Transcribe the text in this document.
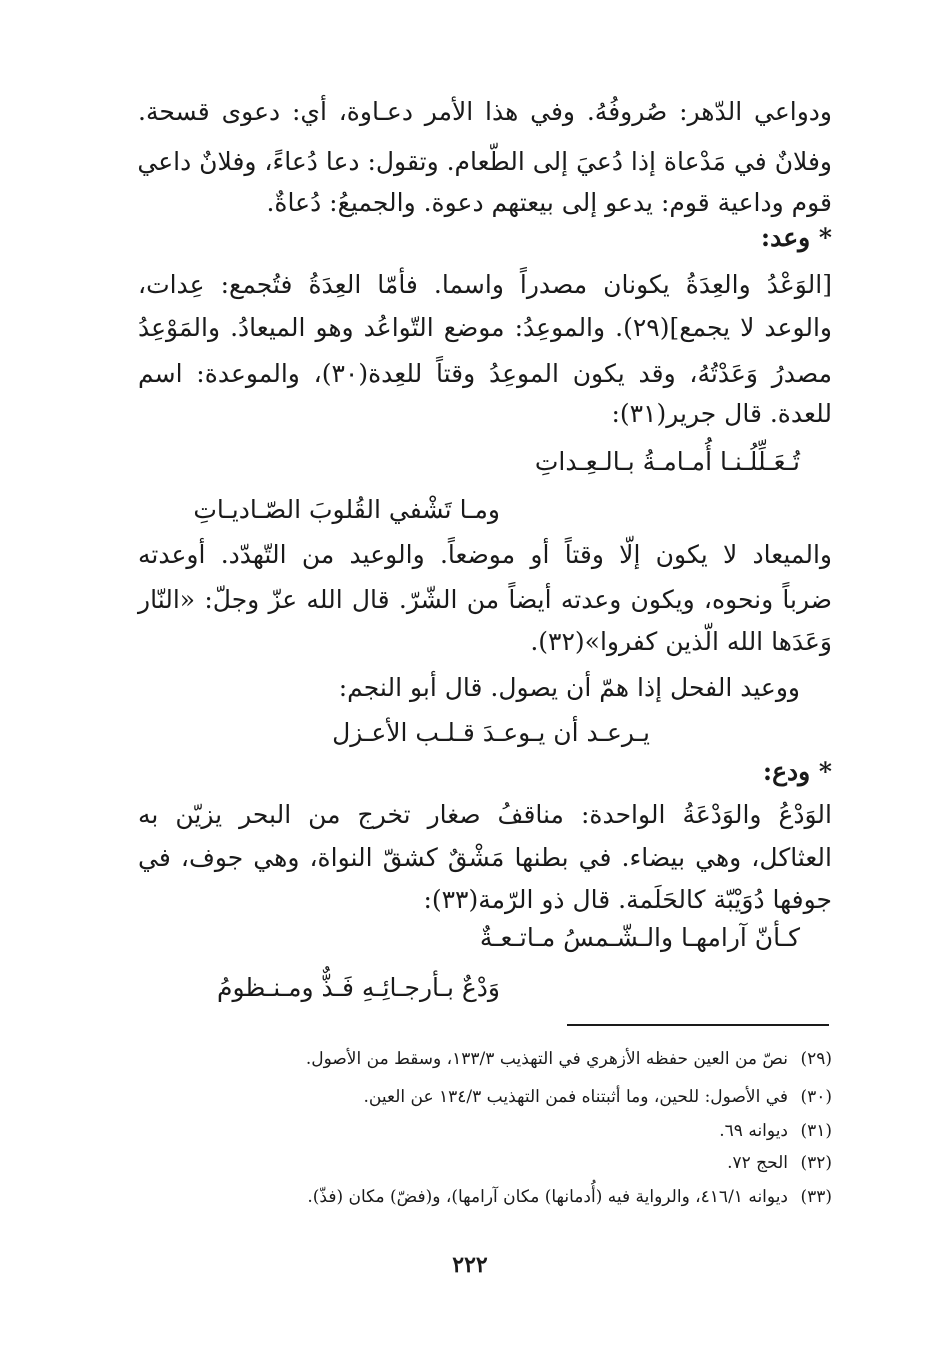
ودواعي الدّهر: صُروفُهُ. وفي هذا الأمر دعـاوة، أي: دعوى قسحة.
وفلانٌ في مَدْعاة إذا دُعيَ إلى الطّعام. وتقول: دعا دُعاءً، وفلانٌ داعي
قوم وداعية قوم: يدعو إلى بيعتهم دعوة. والجميعُ: دُعاةٌ.
* وعد:
[الوَعْدُ والعِدَةُ يكونان مصدراً واسما. فأمّا العِدَةُ فتُجمع: عِدات،
والوعد لا يجمع](٢٩). والموعِدُ: موضع التّواعُد وهو الميعادُ. والمَوْعِدُ
مصدرُ وَعَدْتُهُ، وقد يكون الموعِدُ وقتاً للعِدة(٣٠)، والموعدة: اسم
للعدة. قال جرير(٣١):
تُـعَـلِّلُـنـا أُمـامـةُ بـالـعِـداتِ
ومـا تَشْفي القُلوبَ الصّـاديـاتِ
والميعاد لا يكون إلّا وقتاً أو موضعاً. والوعيد من التّهدّد. أوعدته
ضرباً ونحوه، ويكون وعدته أيضاً من الشّرّ. قال الله عزّ وجلّ: «النّار
وَعَدَها الله الّذين كفروا»(٣٢).
ووعيد الفحل إذا همّ أن يصول. قال أبو النجم:
يـرعـد أن يـوعـدَ قـلـب الأعـزل
* ودع:
الوَدْعُ والوَدْعَةُ الواحدة: مناقفُ صغار تخرج من البحر يزيّن به
العثاكل، وهي بيضاء. في بطنها مَشْقٌ كشقّ النواة، وهي جوف، في
جوفها دُوَيْبّة كالحَلَمة. قال ذو الرّمة(٣٣):
كـأنّ آرامهـا والـشّـمسُ مـاتـعـةٌ
وَدْعٌ بـأرجـائِـهِ فَـذٌّ ومـنـظومُ
(٢٩)نصّ من العين حفظه الأزهري في التهذيب ١٣٣/٣، وسقط من الأصول.
(٣٠)في الأصول: للحين، وما أثبتناه فمن التهذيب ١٣٤/٣ عن العين.
(٣١)ديوانه ٦٩.
(٣٢)الحج ٧٢.
(٣٣)ديوانه ٤١٦/١، والرواية فيه (أُدمانها) مكان آرامها)، و(فضّ) مكان (فذّ).
٢٢٢
